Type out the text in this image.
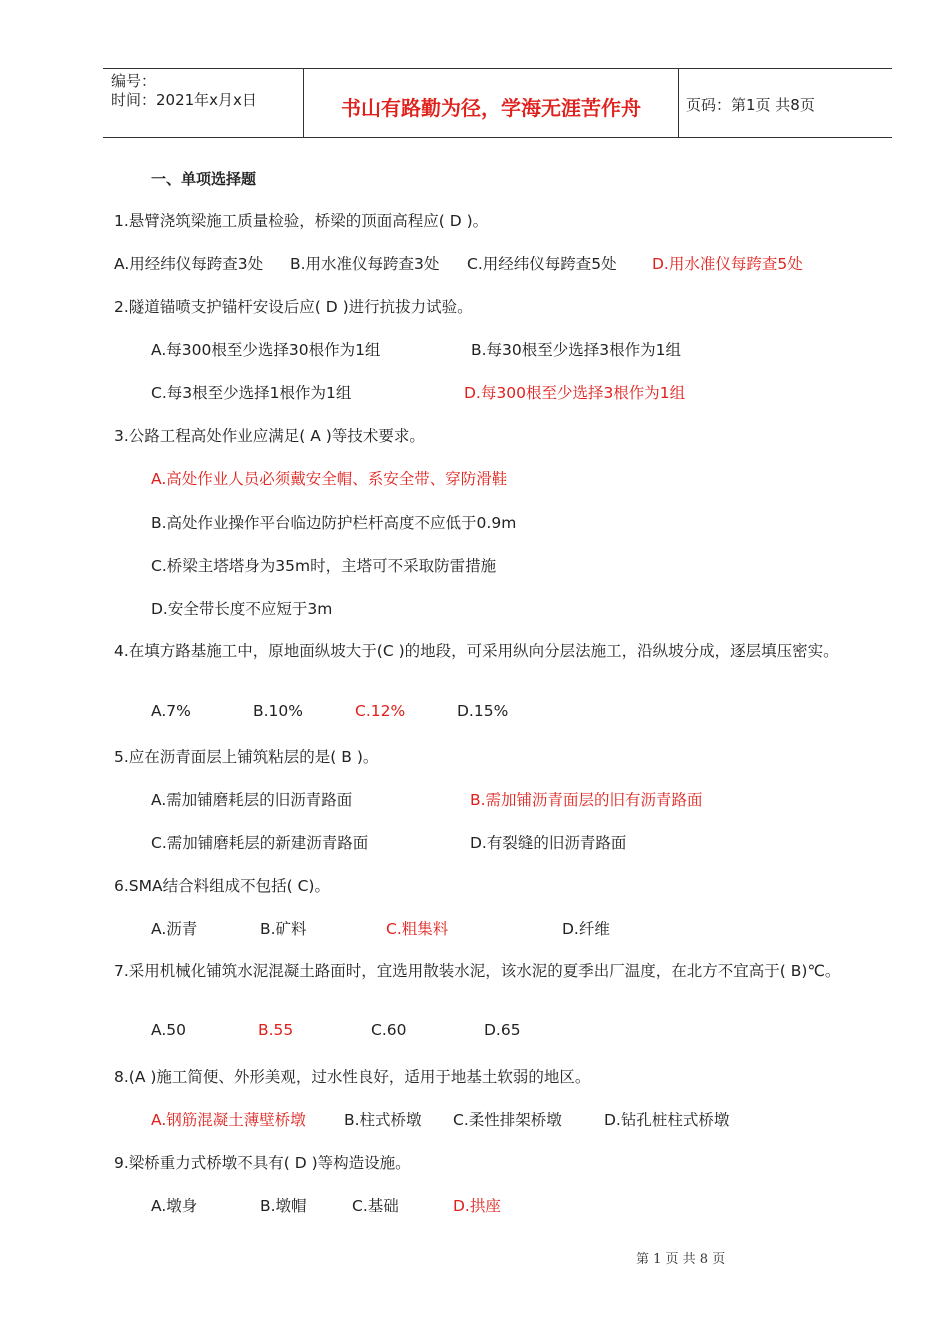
编号：
时间：2021年x月x日	书山有路勤为径，学海无涯苦作舟	页码：第1页 共8页
一、单项选择题
1.悬臂浇筑梁施工质量检验，桥梁的顶面高程应( D )。
A.用经纬仪每跨查3处 B.用水准仪每跨查3处 C.用经纬仪每跨查5处 D.用水准仪每跨查5处
2.隧道锚喷支护锚杆安设后应( D )进行抗拔力试验。
A.每300根至少选择30根作为1组	B.每30根至少选择3根作为1组
C.每3根至少选择1根作为1组	D.每300根至少选择3根作为1组
3.公路工程高处作业应满足( A )等技术要求。
A.高处作业人员必须戴安全帽、系安全带、穿防滑鞋
B.高处作业操作平台临边防护栏杆高度不应低于0.9m
C.桥梁主塔塔身为35m时，主塔可不采取防雷措施
D.安全带长度不应短于3m
4.在填方路基施工中，原地面纵坡大于(C )的地段，可采用纵向分层法施工，沿纵坡分成，逐层填压密实。
A.7%	B.10%	C.12%	D.15%
5.应在沥青面层上铺筑粘层的是( B )。
A.需加铺磨耗层的旧沥青路面	B.需加铺沥青面层的旧有沥青路面
C.需加铺磨耗层的新建沥青路面	D.有裂缝的旧沥青路面
6.SMA结合料组成不包括( C)。
A.沥青	B.矿料	C.粗集料	D.纤维
7.采用机械化铺筑水泥混凝土路面时，宜选用散装水泥，该水泥的夏季出厂温度，在北方不宜高于( B)℃。
A.50	B.55	C.60	D.65
8.(A )施工简便、外形美观，过水性良好，适用于地基土软弱的地区。
A.钢筋混凝土薄壁桥墩 B.柱式桥墩 C.柔性排架桥墩	D.钻孔桩柱式桥墩
9.梁桥重力式桥墩不具有( D )等构造设施。
A.墩身	B.墩帽	C.基础	D.拱座
第 1 页 共 8 页
